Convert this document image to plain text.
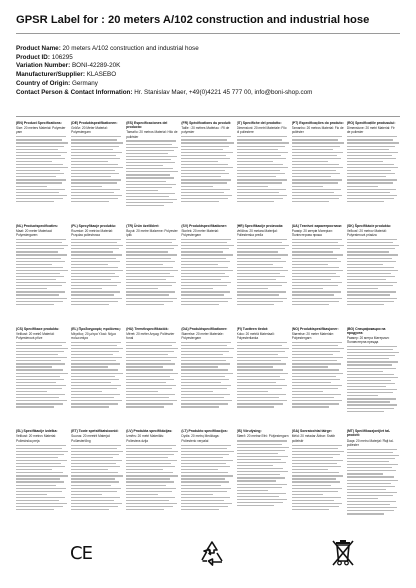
GPSR Label for : 20 meters A/102 construction and industrial hose
Product Name: 20 meters A/102 construction and industrial hose
Product ID: 106295
Variation Number: BONI-42289-20K
Manufacturer/Supplier: KLASEBO
Country of Origin: Germany
Contact Person & Contact Information: Hr. Stanislav Maer, +49(0)4221 45 777 00, info@boni-shop.com
(EN) Product Specifications:
Size: 20 meters Material: Polyester yarn
(DE) Produktspezifikationen:
Größe: 20 Meter Material: Polyestergarn
(ES) Especificaciones del producto:
Tamaño: 20 metros Material: Hilo de poliéster
(FR) Spécifications du produit:
Taille : 20 mètres Matériau : Fil de polyester
(IT) Specifiche del prodotto:
Dimensioni: 20 metri Materiale: Filo di poliestere
(PT) Especificações do produto:
Tamanho: 20 metros Material: Fio de poliéster
(RO) Specificațiile produsului:
Dimensiune: 20 metri Material: Fir de poliester
(NL) Productspecificaties:
Maat: 20 meter Materiaal: Polyestergaren
(PL) Specyfikacje produktu:
Rozmiar: 20 metrów Materiał: Przędza poliestrowa
(TR) Ürün özellikleri:
Boyut: 20 metre Malzeme: Polyester iplik
(SV) Produktspecifikationer:
Storlek: 20 meter Material: Polyestergarn
(HR) Specifikacije proizvoda:
Veličina: 20 metara Materijal: Poliesterska pređa
(UA) Технічні характеристики:
Розмір: 20 метрів Матеріал: Поліестерова пряжа
(SK) Špecifikácie produktu:
Veľkosť: 20 metrov Materiál: Polyesterová priadza
(CS) Specifikace produktu:
Velikost: 20 metrů Materiál: Polyesterová příze
(EL) Προδιαγραφές προϊόντος:
Μέγεθος: 20 μέτρα Υλικό: Νήμα πολυεστέρα
(HU) Termékspecifikációk:
Méret: 20 méter Anyag: Poliészter fonal
(DA) Produktspecifikationer:
Størrelse: 20 meter Materiale: Polyestergarn
(FI) Tuotteen tiedot:
Koko: 20 metriä Materiaali: Polyesterilanka
(NO) Produktspesifikasjoner:
Størrelse: 20 meter Materiale: Polyestergarn
(BG) Спецификации на продукта:
Размер: 20 метра Материал: Полиестерна прежда
(SL) Specifikacije izdelka:
Velikost: 20 metrov Material: Poliestrska preja
(ET) Toote spetsifikatsioonid:
Suurus: 20 meetrit Materjal: Polüesterlõng
(LV) Produkta specifikācijas:
Izmērs: 20 metri Materiāls: Poliestera dzija
(LT) Produkto specifikacijos:
Dydis: 20 metrų Medžiaga: Poliesterio verpalai
(IS) Vörulýsing:
Stærð: 20 metrar Efni: Pólýestergarn
(GA) Sonraíochtaí táirge:
Méid: 20 méadar Ábhar: Snáth poileistir
(MT) Speċifikazzjonijiet tal-prodott:
Daqs: 20 metru Materjal: Ħajt tal-poliester
CE
